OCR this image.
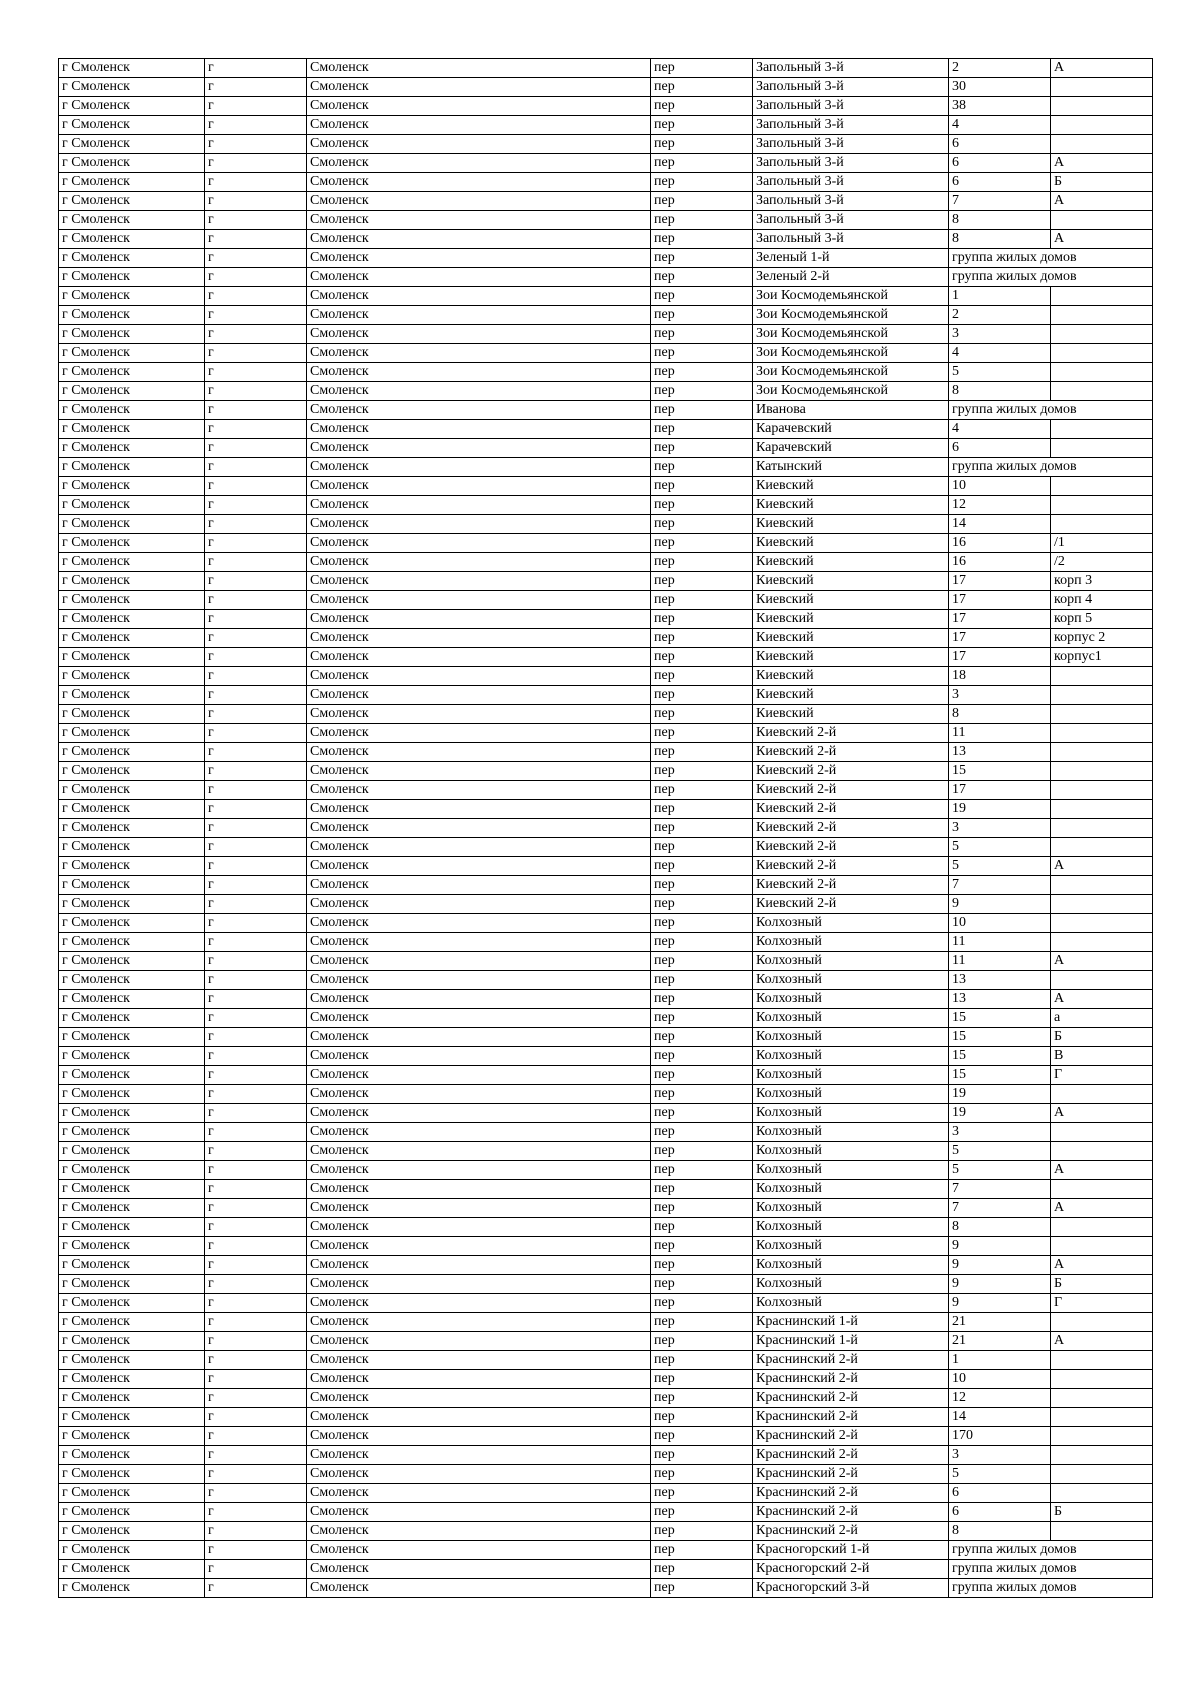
г Смоленск	г	Смоленск	пер	Запольный 3-й	2	А
г Смоленск	г	Смоленск	пер	Запольный 3-й	30	
г Смоленск	г	Смоленск	пер	Запольный 3-й	38	
г Смоленск	г	Смоленск	пер	Запольный 3-й	4	
г Смоленск	г	Смоленск	пер	Запольный 3-й	6	
г Смоленск	г	Смоленск	пер	Запольный 3-й	6	А
г Смоленск	г	Смоленск	пер	Запольный 3-й	6	Б
г Смоленск	г	Смоленск	пер	Запольный 3-й	7	А
г Смоленск	г	Смоленск	пер	Запольный 3-й	8	
г Смоленск	г	Смоленск	пер	Запольный 3-й	8	А
г Смоленск	г	Смоленск	пер	Зеленый 1-й	группа жилых домов	
г Смоленск	г	Смоленск	пер	Зеленый 2-й	группа жилых домов	
г Смоленск	г	Смоленск	пер	Зои Космодемьянской	1	
г Смоленск	г	Смоленск	пер	Зои Космодемьянской	2	
г Смоленск	г	Смоленск	пер	Зои Космодемьянской	3	
г Смоленск	г	Смоленск	пер	Зои Космодемьянской	4	
г Смоленск	г	Смоленск	пер	Зои Космодемьянской	5	
г Смоленск	г	Смоленск	пер	Зои Космодемьянской	8	
г Смоленск	г	Смоленск	пер	Иванова	группа жилых домов	
г Смоленск	г	Смоленск	пер	Карачевский	4	
г Смоленск	г	Смоленск	пер	Карачевский	6	
г Смоленск	г	Смоленск	пер	Катынский	группа жилых домов	
г Смоленск	г	Смоленск	пер	Киевский	10	
г Смоленск	г	Смоленск	пер	Киевский	12	
г Смоленск	г	Смоленск	пер	Киевский	14	
г Смоленск	г	Смоленск	пер	Киевский	16	/1
г Смоленск	г	Смоленск	пер	Киевский	16	/2
г Смоленск	г	Смоленск	пер	Киевский	17	корп 3
г Смоленск	г	Смоленск	пер	Киевский	17	корп 4
г Смоленск	г	Смоленск	пер	Киевский	17	корп 5
г Смоленск	г	Смоленск	пер	Киевский	17	корпус 2
г Смоленск	г	Смоленск	пер	Киевский	17	корпус1
г Смоленск	г	Смоленск	пер	Киевский	18	
г Смоленск	г	Смоленск	пер	Киевский	3	
г Смоленск	г	Смоленск	пер	Киевский	8	
г Смоленск	г	Смоленск	пер	Киевский 2-й	11	
г Смоленск	г	Смоленск	пер	Киевский 2-й	13	
г Смоленск	г	Смоленск	пер	Киевский 2-й	15	
г Смоленск	г	Смоленск	пер	Киевский 2-й	17	
г Смоленск	г	Смоленск	пер	Киевский 2-й	19	
г Смоленск	г	Смоленск	пер	Киевский 2-й	3	
г Смоленск	г	Смоленск	пер	Киевский 2-й	5	
г Смоленск	г	Смоленск	пер	Киевский 2-й	5	А
г Смоленск	г	Смоленск	пер	Киевский 2-й	7	
г Смоленск	г	Смоленск	пер	Киевский 2-й	9	
г Смоленск	г	Смоленск	пер	Колхозный	10	
г Смоленск	г	Смоленск	пер	Колхозный	11	
г Смоленск	г	Смоленск	пер	Колхозный	11	А
г Смоленск	г	Смоленск	пер	Колхозный	13	
г Смоленск	г	Смоленск	пер	Колхозный	13	А
г Смоленск	г	Смоленск	пер	Колхозный	15	а
г Смоленск	г	Смоленск	пер	Колхозный	15	Б
г Смоленск	г	Смоленск	пер	Колхозный	15	В
г Смоленск	г	Смоленск	пер	Колхозный	15	Г
г Смоленск	г	Смоленск	пер	Колхозный	19	
г Смоленск	г	Смоленск	пер	Колхозный	19	А
г Смоленск	г	Смоленск	пер	Колхозный	3	
г Смоленск	г	Смоленск	пер	Колхозный	5	
г Смоленск	г	Смоленск	пер	Колхозный	5	А
г Смоленск	г	Смоленск	пер	Колхозный	7	
г Смоленск	г	Смоленск	пер	Колхозный	7	А
г Смоленск	г	Смоленск	пер	Колхозный	8	
г Смоленск	г	Смоленск	пер	Колхозный	9	
г Смоленск	г	Смоленск	пер	Колхозный	9	А
г Смоленск	г	Смоленск	пер	Колхозный	9	Б
г Смоленск	г	Смоленск	пер	Колхозный	9	Г
г Смоленск	г	Смоленск	пер	Краснинский 1-й	21	
г Смоленск	г	Смоленск	пер	Краснинский 1-й	21	А
г Смоленск	г	Смоленск	пер	Краснинский 2-й	1	
г Смоленск	г	Смоленск	пер	Краснинский 2-й	10	
г Смоленск	г	Смоленск	пер	Краснинский 2-й	12	
г Смоленск	г	Смоленск	пер	Краснинский 2-й	14	
г Смоленск	г	Смоленск	пер	Краснинский 2-й	170	
г Смоленск	г	Смоленск	пер	Краснинский 2-й	3	
г Смоленск	г	Смоленск	пер	Краснинский 2-й	5	
г Смоленск	г	Смоленск	пер	Краснинский 2-й	6	
г Смоленск	г	Смоленск	пер	Краснинский 2-й	6	Б
г Смоленск	г	Смоленск	пер	Краснинский 2-й	8	
г Смоленск	г	Смоленск	пер	Красногорский 1-й	группа жилых домов	
г Смоленск	г	Смоленск	пер	Красногорский 2-й	группа жилых домов	
г Смоленск	г	Смоленск	пер	Красногорский 3-й	группа жилых домов	
